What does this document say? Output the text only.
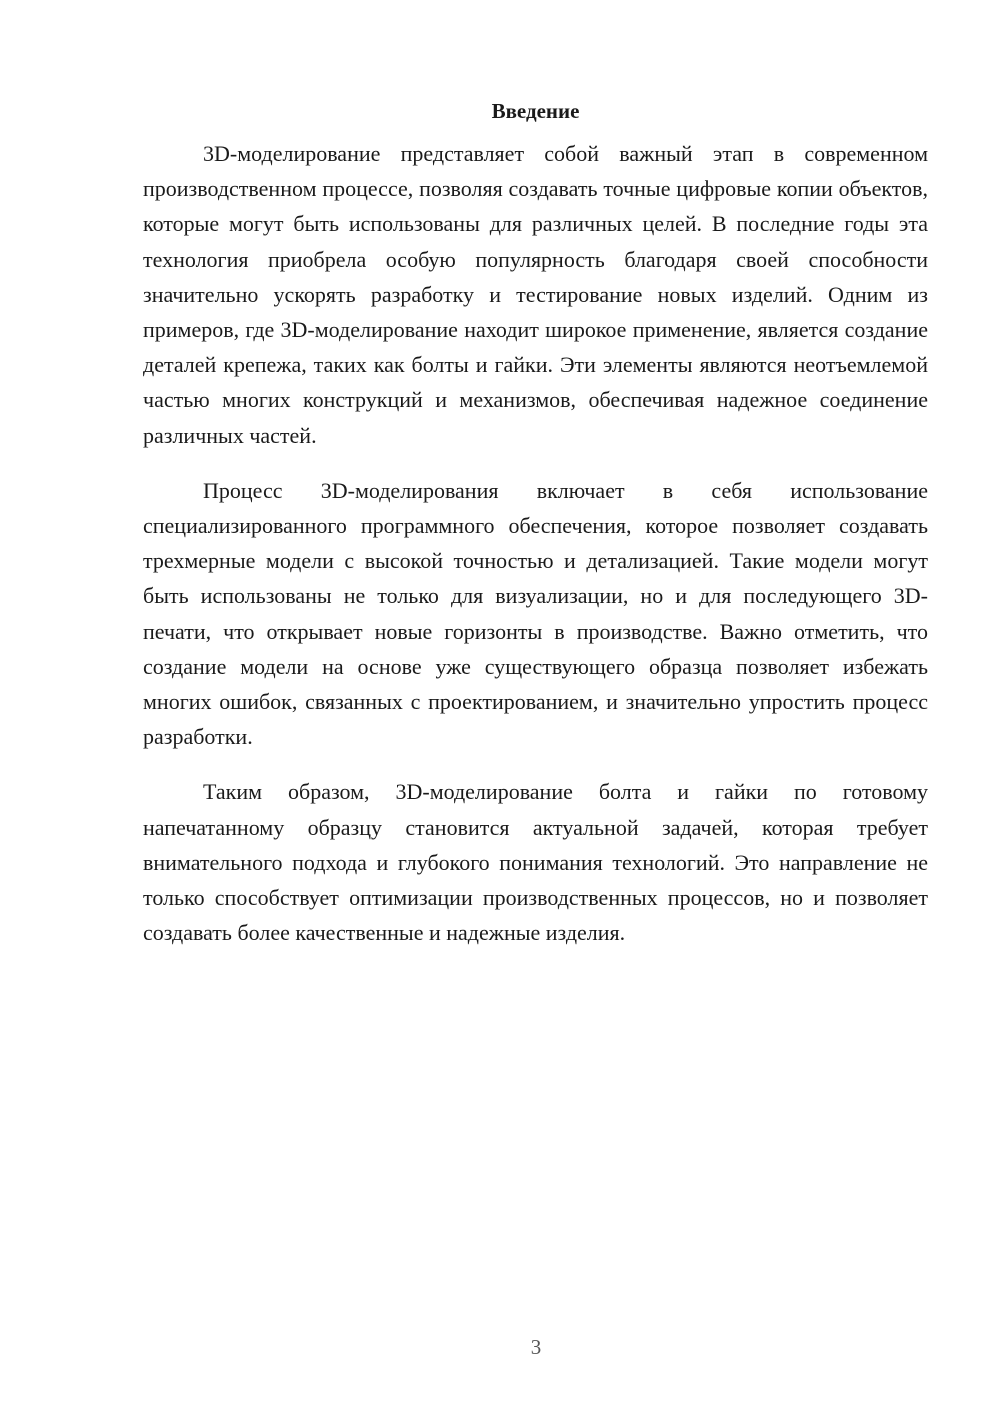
Введение

3D-моделирование представляет собой важный этап в современном производственном процессе, позволяя создавать точные цифровые копии объектов, которые могут быть использованы для различных целей. В последние годы эта технология приобрела особую популярность благодаря своей способности значительно ускорять разработку и тестирование новых изделий. Одним из примеров, где 3D-моделирование находит широкое применение, является создание деталей крепежа, таких как болты и гайки. Эти элементы являются неотъемлемой частью многих конструкций и механизмов, обеспечивая надежное соединение различных частей.

Процесс 3D-моделирования включает в себя использование специализированного программного обеспечения, которое позволяет создавать трехмерные модели с высокой точностью и детализацией. Такие модели могут быть использованы не только для визуализации, но и для последующего 3D-печати, что открывает новые горизонты в производстве. Важно отметить, что создание модели на основе уже существующего образца позволяет избежать многих ошибок, связанных с проектированием, и значительно упростить процесс разработки.

Таким образом, 3D-моделирование болта и гайки по готовому напечатанному образцу становится актуальной задачей, которая требует внимательного подхода и глубокого понимания технологий. Это направление не только способствует оптимизации производственных процессов, но и позволяет создавать более качественные и надежные изделия.

3
